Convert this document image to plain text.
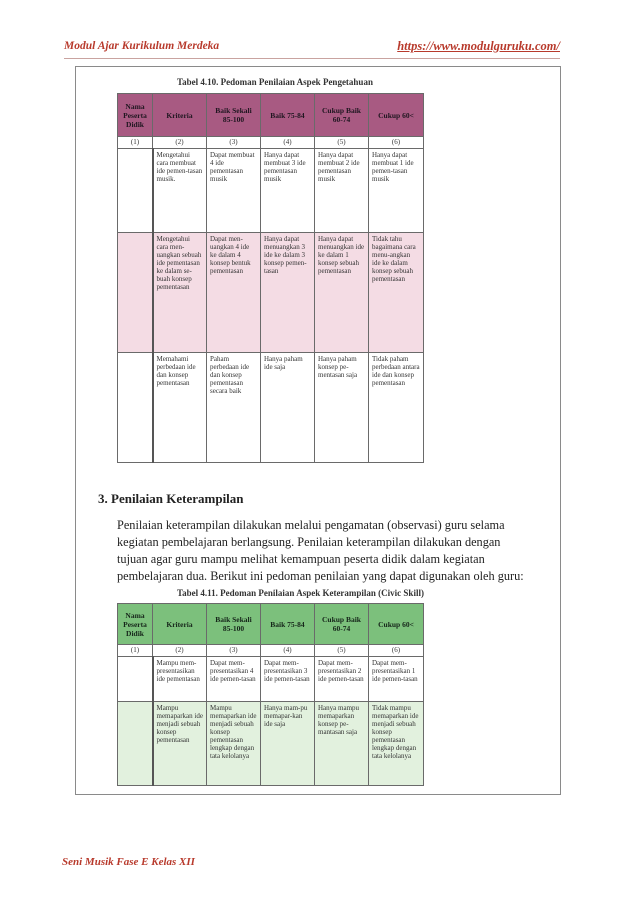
Modul Ajar Kurikulum Merdeka	https://www.modulguruku.com/
Tabel 4.10. Pedoman Penilaian Aspek Pengetahuan
Nama Peserta Didik	Kriteria	Baik Sekali 85-100	Baik 75-84	Cukup Baik 60-74	Cukup 60<
(1)	(2)	(3)	(4)	(5)	(6)
	Mengetahui cara membuat ide pemen-tasan musik.	Dapat membuat 4 ide pementasan musik	Hanya dapat membuat 3 ide pementasan musik	Hanya dapat membuat 2 ide pementasan musik	Hanya dapat membuat 1 ide pemen-tasan musik
	Mengetahui cara men-uangkan sebuah ide pementasan ke dalam se-buah konsep pementasan	Dapat men-uangkan 4 ide ke dalam 4 konsep bentuk pementasan	Hanya dapat menuangkan 3 ide ke dalam 3 konsep pemen-tasan	Hanya dapat menuangkan ide ke dalam 1 konsep sebuah pementasan	Tidak tahu bagaimana cara menu-angkan ide ke dalam konsep sebuah pementasan
	Memahami perbedaan ide dan konsep pementasan	Paham perbedaan ide dan konsep pementasan secara baik	Hanya paham ide saja	Hanya paham konsep pe-mentasan saja	Tidak paham perbedaan antara ide dan konsep pementasan
3. Penilaian Keterampilan
Penilaian keterampilan dilakukan melalui pengamatan (observasi) guru selama
kegiatan pembelajaran berlangsung. Penilaian keterampilan dilakukan dengan
tujuan agar guru mampu melihat kemampuan peserta didik dalam kegiatan
pembelajaran dua. Berikut ini pedoman penilaian yang dapat digunakan oleh guru:
Tabel 4.11. Pedoman Penilaian Aspek Keterampilan (Civic Skill)
Nama Peserta Didik	Kriteria	Baik Sekali 85-100	Baik 75-84	Cukup Baik 60-74	Cukup 60<
(1)	(2)	(3)	(4)	(5)	(6)
	Mampu mem-presentasikan ide pementasan	Dapat mem-presentasikan 4 ide pemen-tasan	Dapat mem-presentasikan 3 ide pemen-tasan	Dapat mem-presentasikan 2 ide pemen-tasan	Dapat mem-presentasikan 1 ide pemen-tasan
	Mampu memaparkan ide menjadi sebuah konsep pementasan	Mampu memaparkan ide menjadi sebuah konsep pementasan lengkap dengan tata kelolanya	Hanya mam-pu memapar-kan ide saja	Hanya mampu memaparkan konsep pe-mantasan saja	Tidak mampu memaparkan ide menjadi sebuah konsep pementasan lengkap dengan tata kelolanya
Seni Musik Fase E Kelas XII
